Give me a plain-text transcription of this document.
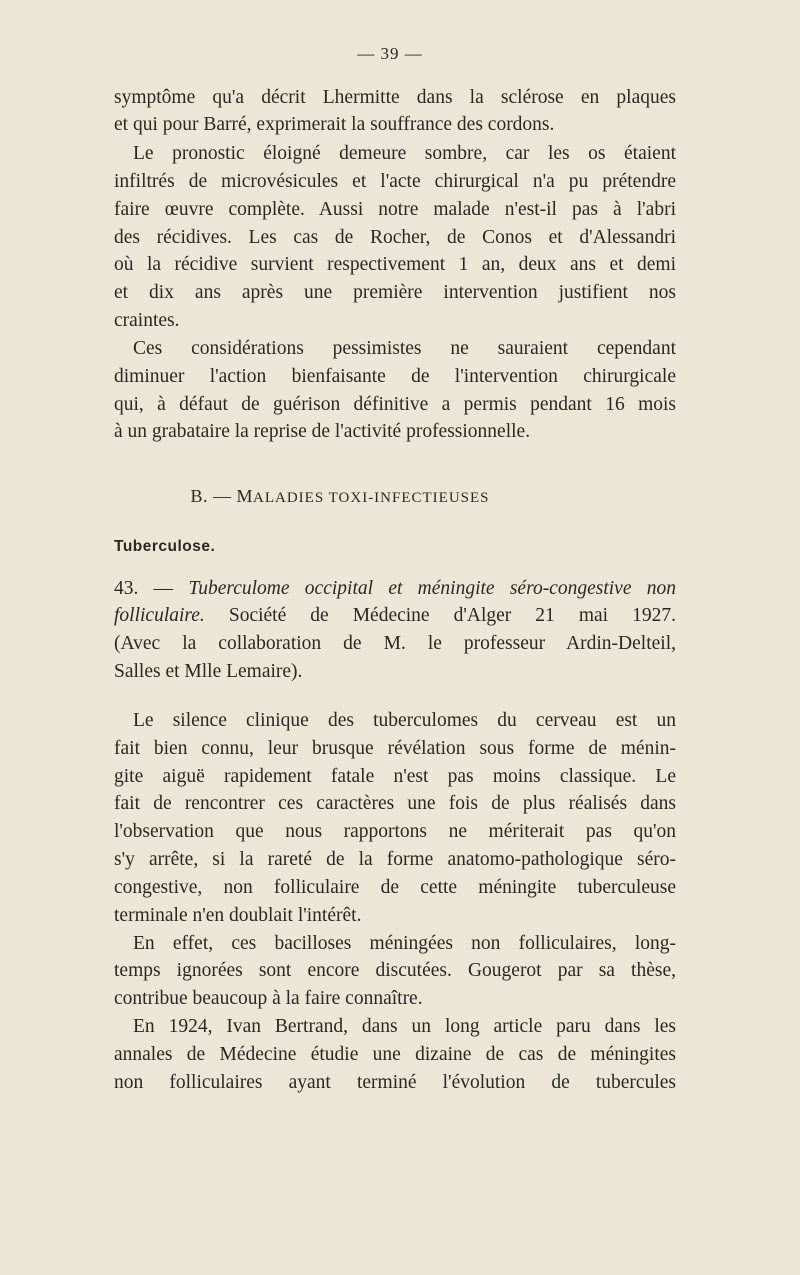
— 39 —
symptôme qu'a décrit Lhermitte dans la sclérose en plaques
et qui pour Barré, exprimerait la souffrance des cordons.
Le pronostic éloigné demeure sombre, car les os étaient
infiltrés de microvésicules et l'acte chirurgical n'a pu prétendre
faire œuvre complète. Aussi notre malade n'est-il pas à l'abri
des récidives. Les cas de Rocher, de Conos et d'Alessandri
où la récidive survient respectivement 1 an, deux ans et demi
et dix ans après une première intervention justifient nos
craintes.
Ces considérations pessimistes ne sauraient cependant
diminuer l'action bienfaisante de l'intervention chirurgicale
qui, à défaut de guérison définitive a permis pendant 16 mois
à un grabataire la reprise de l'activité professionnelle.
B. — MALADIES TOXI-INFECTIEUSES
Tuberculose.
43. — Tuberculome occipital et méningite séro-congestive non
folliculaire. Société de Médecine d'Alger 21 mai 1927.
(Avec la collaboration de M. le professeur Ardin-Delteil,
Salles et Mlle Lemaire).
Le silence clinique des tuberculomes du cerveau est un
fait bien connu, leur brusque révélation sous forme de ménin-
gite aiguë rapidement fatale n'est pas moins classique. Le
fait de rencontrer ces caractères une fois de plus réalisés dans
l'observation que nous rapportons ne mériterait pas qu'on
s'y arrête, si la rareté de la forme anatomo-pathologique séro-
congestive, non folliculaire de cette méningite tuberculeuse
terminale n'en doublait l'intérêt.
En effet, ces bacilloses méningées non folliculaires, long-
temps ignorées sont encore discutées. Gougerot par sa thèse,
contribue beaucoup à la faire connaître.
En 1924, Ivan Bertrand, dans un long article paru dans les
annales de Médecine étudie une dizaine de cas de méningites
non folliculaires ayant terminé l'évolution de tubercules
